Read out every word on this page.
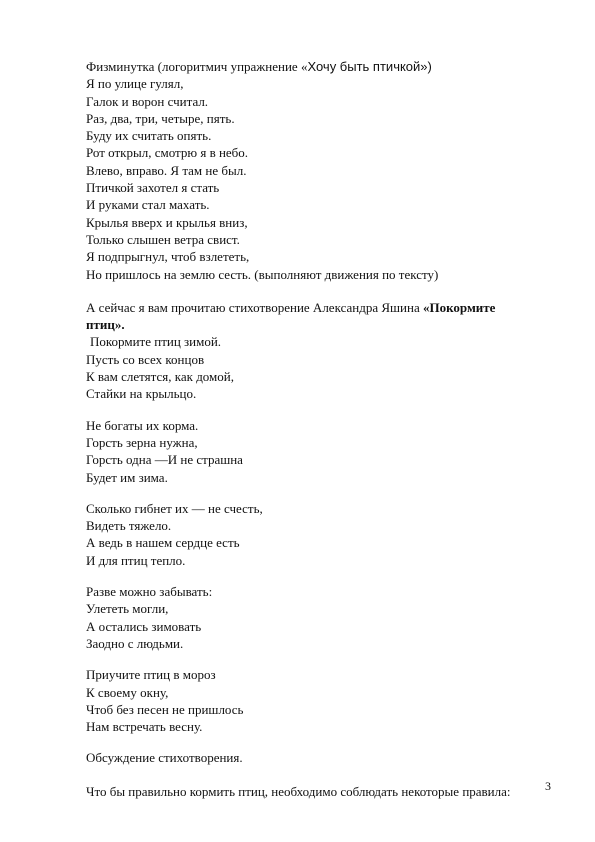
Физминутка (логоритмич упражнение «Хочу быть птичкой»)
Я по улице гулял,
Галок и ворон считал.
Раз, два, три, четыре, пять.
Буду их считать опять.
Рот открыл, смотрю я в небо.
Влево, вправо. Я там не был.
Птичкой захотел я стать
И руками стал махать.
Крылья вверх и крылья вниз,
Только слышен ветра свист.
Я подпрыгнул, чтоб взлететь,
Но пришлось на землю сесть. (выполняют движения по тексту)
А сейчас я вам прочитаю стихотворение Александра Яшина «Покормите
птиц».
Покормите птиц зимой.
Пусть со всех концов
К вам слетятся, как домой,
Стайки на крыльцо.
Не богаты их корма.
Горсть зерна нужна,
Горсть одна —И не страшна
Будет им зима.
Сколько гибнет их — не счесть,
Видеть тяжело.
А ведь в нашем сердце есть
И для птиц тепло.
Разве можно забывать:
Улететь могли,
А остались зимовать
Заодно с людьми.
Приучите птиц в мороз
К своему окну,
Чтоб без песен не пришлось
Нам встречать весну.
Обсуждение стихотворения.
Что бы правильно кормить птиц, необходимо соблюдать некоторые правила:	3
